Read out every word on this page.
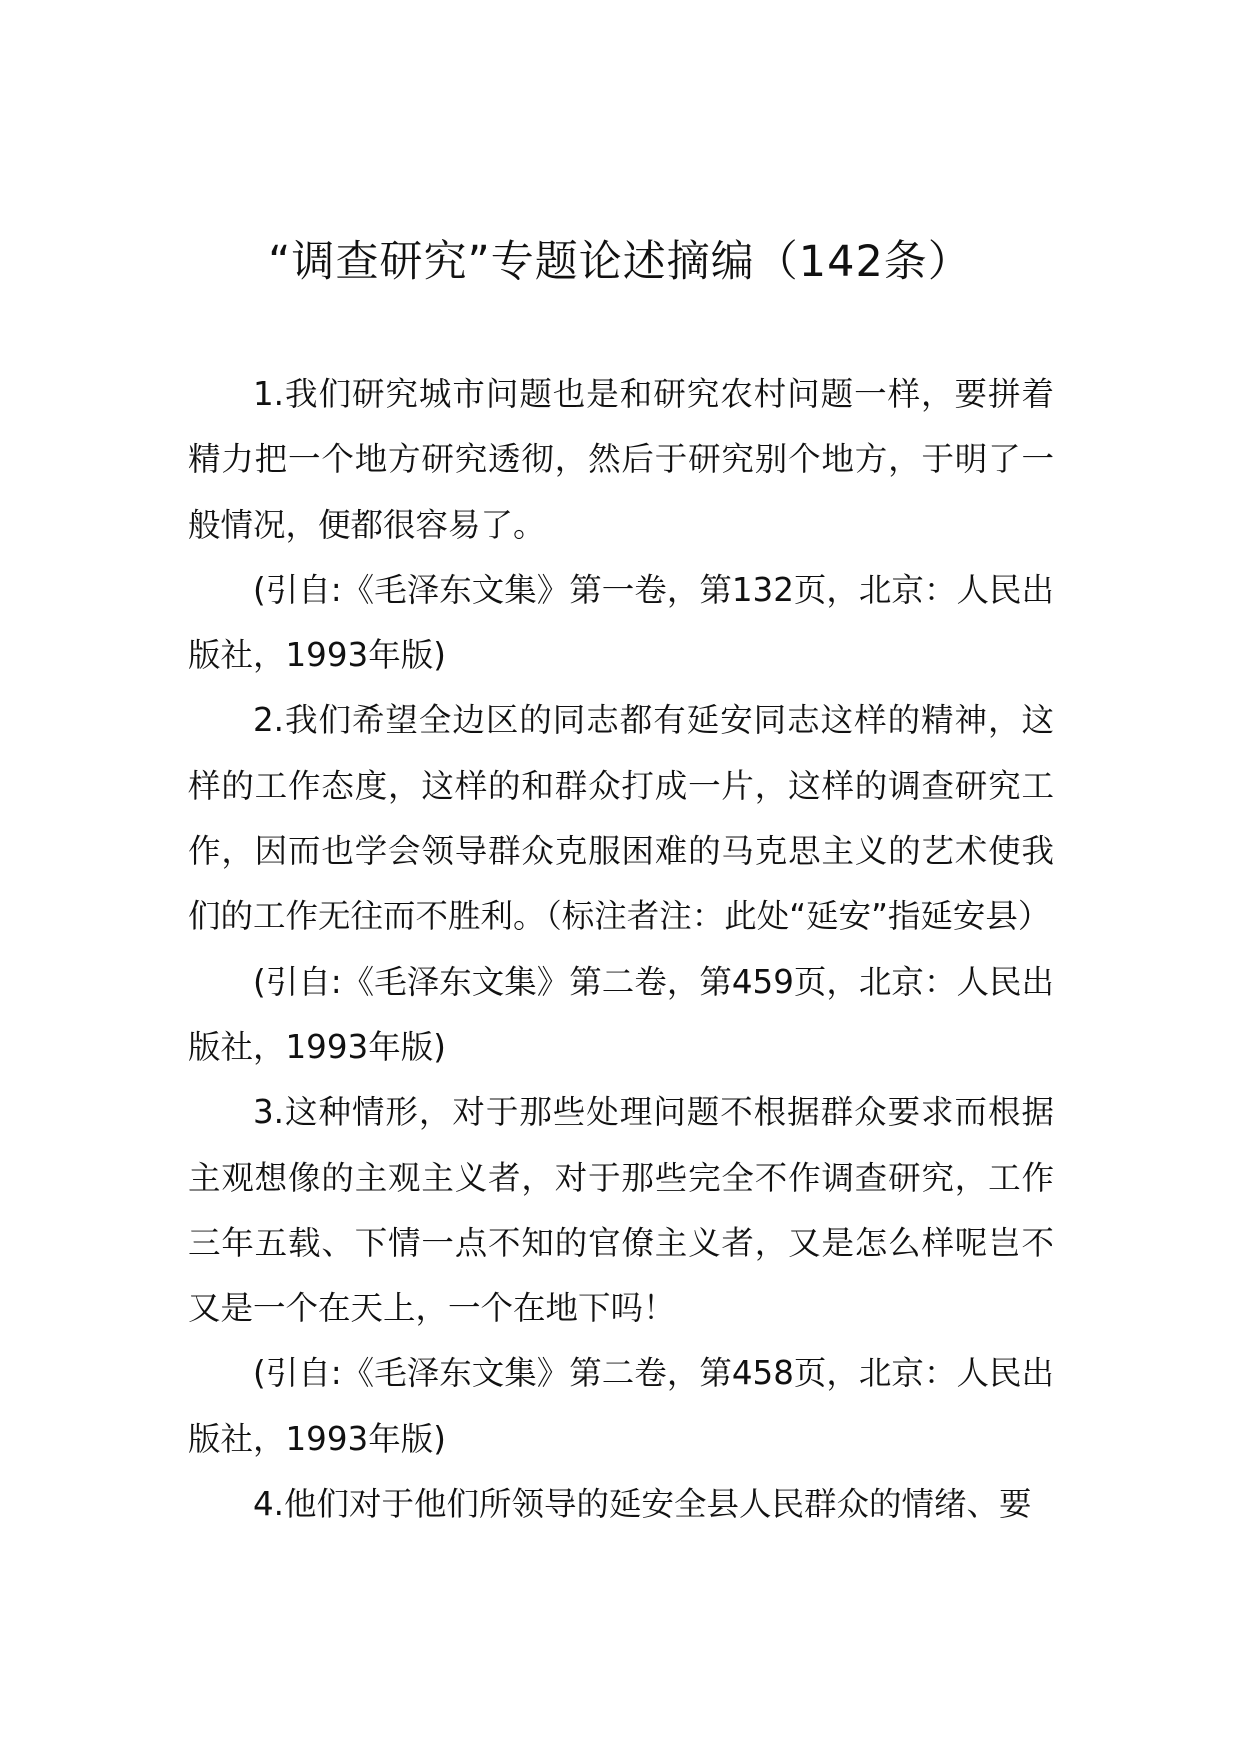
“调查研究”专题论述摘编（142条）

1.我们研究城市问题也是和研究农村问题一样，要拼着精力把一个地方研究透彻，然后于研究别个地方，于明了一般情况，便都很容易了。

(引自:《毛泽东文集》第一卷，第132页，北京：人民出版社，1993年版)

2.我们希望全边区的同志都有延安同志这样的精神，这样的工作态度，这样的和群众打成一片，这样的调查研究工作，因而也学会领导群众克服困难的马克思主义的艺术使我们的工作无往而不胜利。（标注者注：此处“延安”指延安县）

(引自:《毛泽东文集》第二卷，第459页，北京：人民出版社，1993年版)

3.这种情形，对于那些处理问题不根据群众要求而根据主观想像的主观主义者，对于那些完全不作调查研究，工作三年五载、下情一点不知的官僚主义者，又是怎么样呢岂不又是一个在天上，一个在地下吗！

(引自:《毛泽东文集》第二卷，第458页，北京：人民出版社，1993年版)

4.他们对于他们所领导的延安全县人民群众的情绪、要
